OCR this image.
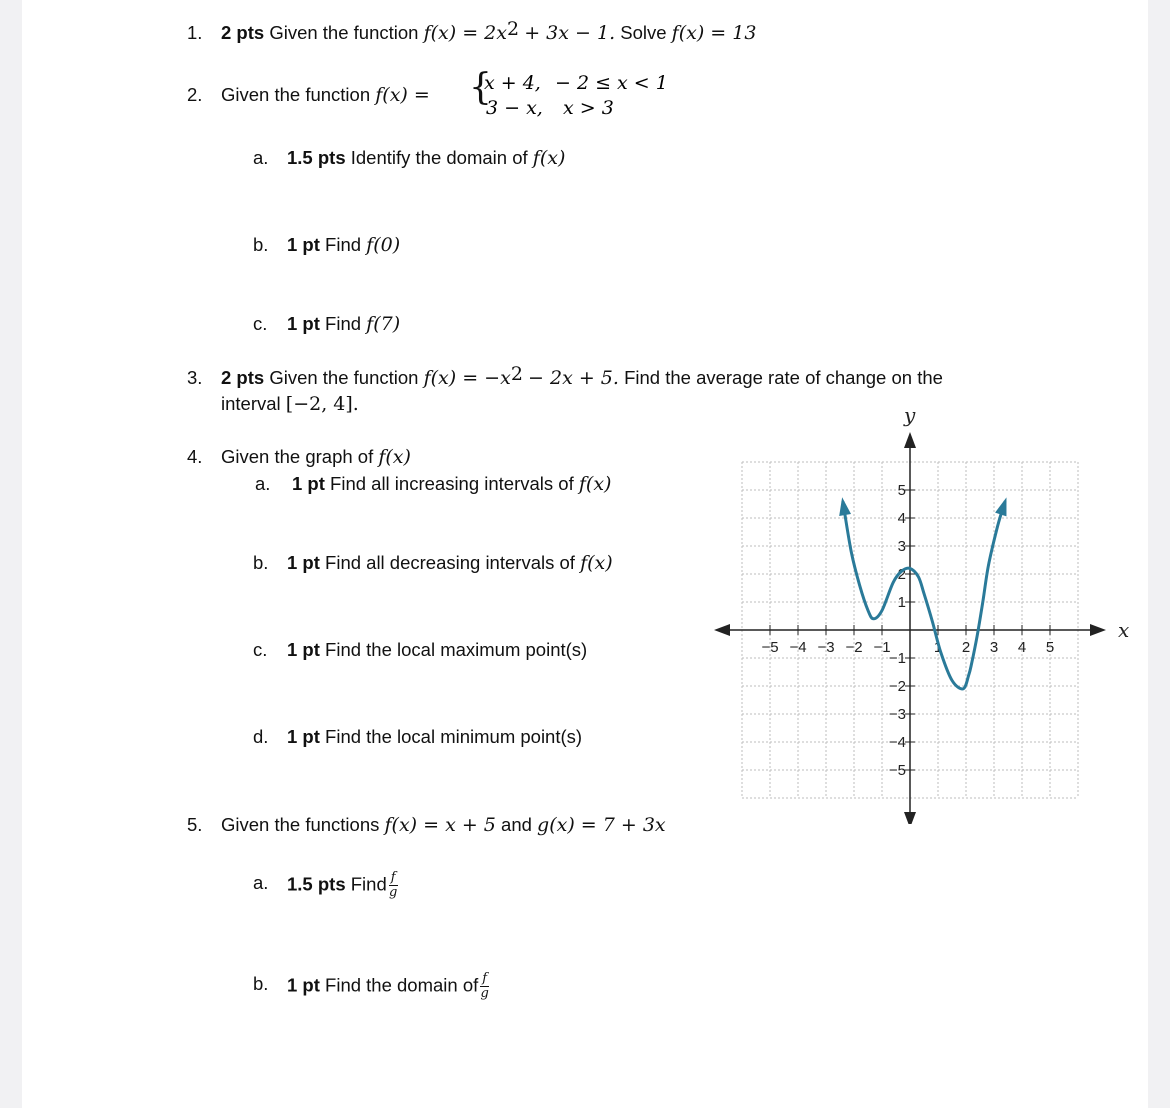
1. 2 pts Given the function $f(x) = 2x^2 + 3x - 1$. Solve f(x) = 13
2. Given the function f(x) = {
x + 4, − 2 ≤ x < 1
3 − x, x > 3
a. 1.5 pts Identify the domain of f(x)
b. 1 pt Find f(0)
c. 1 pt Find f(7)
3. 2 pts Given the function $f(x) = -x^2 - 2x + 5$. Find the average rate of change on the
interval [−2, 4].
4. Given the graph of f(x)
a. 1 pt Find all increasing intervals of f(x)
b. 1 pt Find all decreasing intervals of f(x)
c. 1 pt Find the local maximum point(s)
d. 1 pt Find the local minimum point(s)
5. Given the functions f(x) = x + 5 and g(x) = 7 + 3x
a. 1.5 pts Find $\frac{f}{g}$
b. 1 pt Find the domain of $\frac{f}{g}$
−5 −4 −3 −2 −1	1 2 3 4 5
5
4
3
2
1
−1
−2
−3
−4
−5
x
y
